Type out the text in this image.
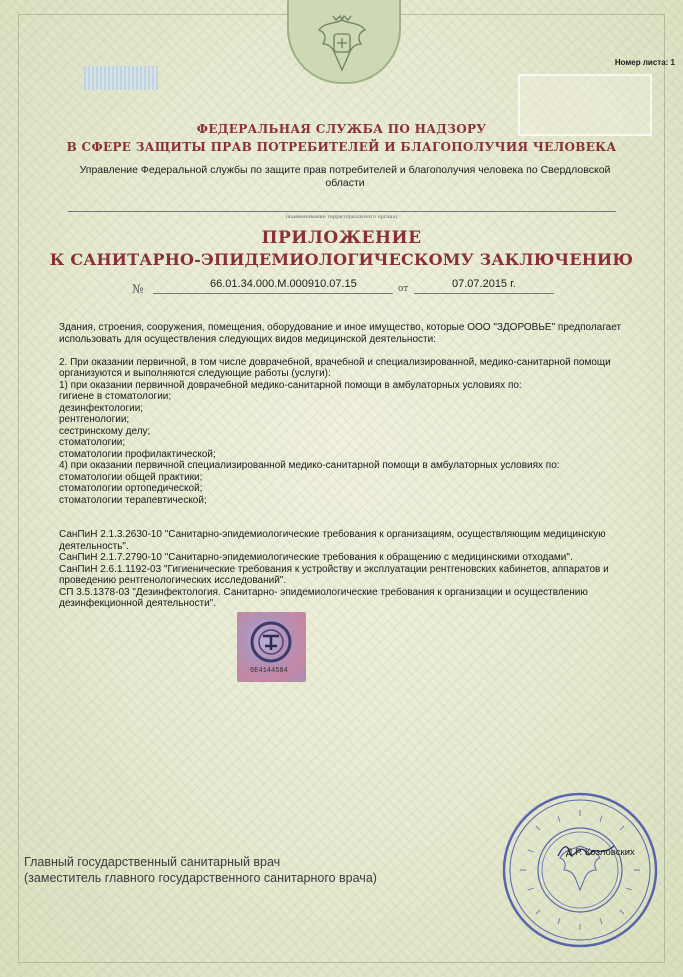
Номер листа: 1
ФЕДЕРАЛЬНАЯ СЛУЖБА ПО НАДЗОРУ
В СФЕРЕ ЗАЩИТЫ ПРАВ ПОТРЕБИТЕЛЕЙ И БЛАГОПОЛУЧИЯ ЧЕЛОВЕКА
Управление Федеральной службы по защите прав потребителей и благополучия человека по Свердловской
области
(наименование территориального органа)
ПРИЛОЖЕНИЕ
К САНИТАРНО-ЭПИДЕМИОЛОГИЧЕСКОМУ ЗАКЛЮЧЕНИЮ
№	66.01.34.000.М.000910.07.15	от	07.07.2015 г.
Здания, строения, сооружения, помещения, оборудование и иное имущество, которые ООО "ЗДОРОВЬЕ" предполагает
использовать для осуществления следующих видов медицинской деятельности:
2. При оказании первичной, в том числе доврачебной, врачебной и специализированной, медико-санитарной помощи
организуются и выполняются следующие работы (услуги):
1) при оказании первичной доврачебной медико-санитарной помощи в амбулаторных условиях по:
гигиене в стоматологии;
дезинфектологии;
рентгенологии;
сестринскому делу;
стоматологии;
стоматологии профилактической;
4) при оказании первичной специализированной медико-санитарной помощи в амбулаторных условиях по:
стоматологии общей практики;
стоматологии ортопедической;
стоматологии терапевтической;
СанПиН 2.1.3.2630-10 "Санитарно-эпидемиологические требования к организациям, осуществляющим медицинскую
деятельность".
СанПиН 2.1.7.2790-10 "Санитарно-эпидемиологические требования к обращению с медицинскими отходами".
СанПиН 2.6.1.1192-03 "Гигиенические требования к устройству и эксплуатации рентгеновских кабинетов, аппаратов и
проведению рентгенологических исследований".
СП 3.5.1378-03 "Дезинфектология. Санитарно- эпидемиологические требования к организации и осуществлению
дезинфекционной деятельности".
6Е4144584
Главный государственный санитарный врач
(заместитель главного государственного санитарного врача)
Д.Р. Козловских
